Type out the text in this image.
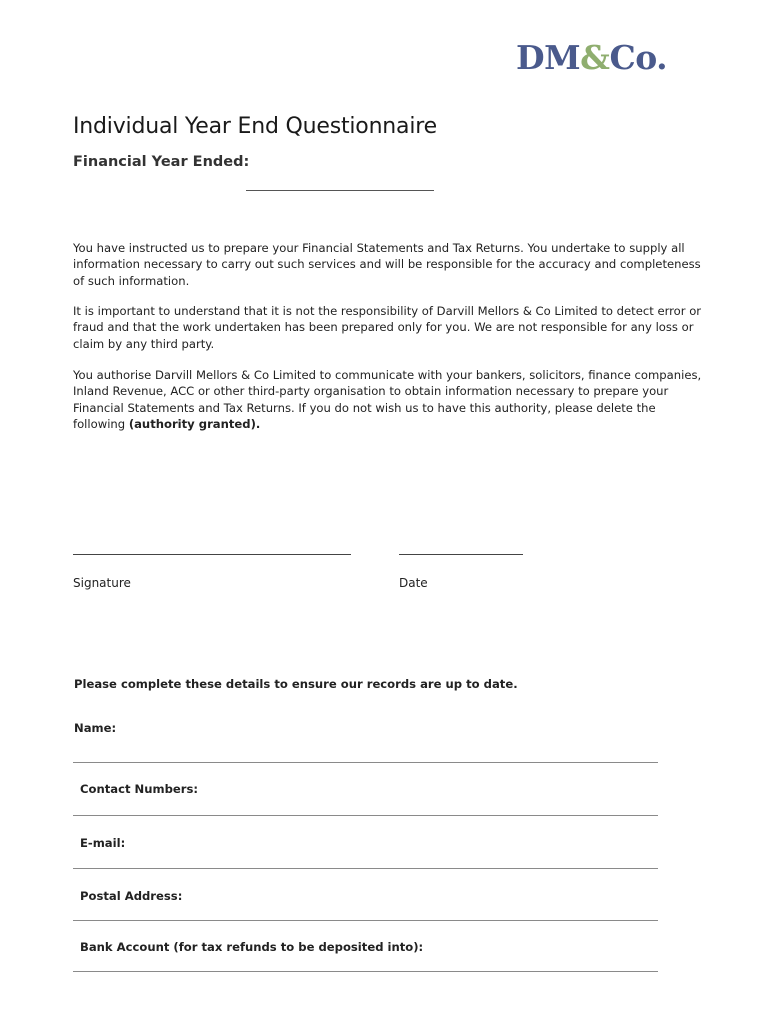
DM&Co.
Individual Year End Questionnaire
Financial Year Ended:

You have instructed us to prepare your Financial Statements and Tax Returns. You undertake to supply all information necessary to carry out such services and will be responsible for the accuracy and completeness of such information.

It is important to understand that it is not the responsibility of Darvill Mellors & Co Limited to detect error or fraud and that the work undertaken has been prepared only for you. We are not responsible for any loss or claim by any third party.

You authorise Darvill Mellors & Co Limited to communicate with your bankers, solicitors, finance companies, Inland Revenue, ACC or other third-party organisation to obtain information necessary to prepare your Financial Statements and Tax Returns. If you do not wish us to have this authority, please delete the following (authority granted).

Signature	Date
Please complete these details to ensure our records are up to date.
Name:
Contact Numbers:
E-mail:
Postal Address:
Bank Account (for tax refunds to be deposited into):
